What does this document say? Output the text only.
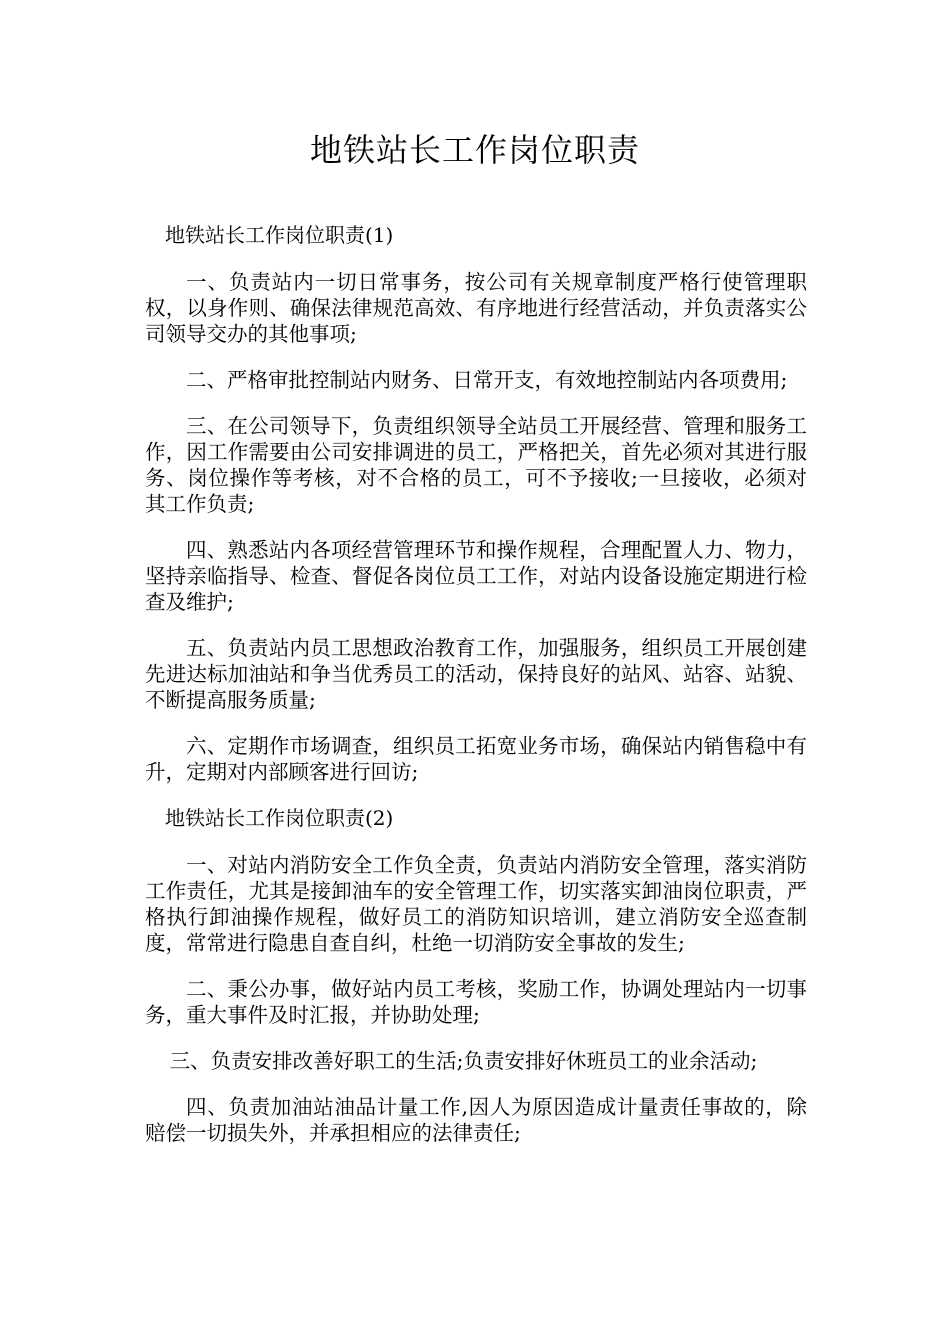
地铁站长工作岗位职责
地铁站长工作岗位职责(1)

一、负责站内一切日常事务，按公司有关规章制度严格行使管理职权，以身作则、确保法律规范高效、有序地进行经营活动，并负责落实公司领导交办的其他事项;

二、严格审批控制站内财务、日常开支，有效地控制站内各项费用;

三、在公司领导下，负责组织领导全站员工开展经营、管理和服务工作，因工作需要由公司安排调进的员工，严格把关，首先必须对其进行服务、岗位操作等考核，对不合格的员工，可不予接收;一旦接收，必须对其工作负责;

四、熟悉站内各项经营管理环节和操作规程，合理配置人力、物力，坚持亲临指导、检查、督促各岗位员工工作，对站内设备设施定期进行检查及维护;

五、负责站内员工思想政治教育工作，加强服务，组织员工开展创建先进达标加油站和争当优秀员工的活动，保持良好的站风、站容、站貌、不断提高服务质量;

六、定期作市场调查，组织员工拓宽业务市场，确保站内销售稳中有升，定期对内部顾客进行回访;

地铁站长工作岗位职责(2)

一、对站内消防安全工作负全责，负责站内消防安全管理，落实消防工作责任，尤其是接卸油车的安全管理工作，切实落实卸油岗位职责，严格执行卸油操作规程，做好员工的消防知识培训，建立消防安全巡查制度，常常进行隐患自查自纠，杜绝一切消防安全事故的发生;

二、秉公办事，做好站内员工考核，奖励工作，协调处理站内一切事务，重大事件及时汇报，并协助处理;

三、负责安排改善好职工的生活;负责安排好休班员工的业余活动;

四、负责加油站油品计量工作,因人为原因造成计量责任事故的，除赔偿一切损失外，并承担相应的法律责任;
